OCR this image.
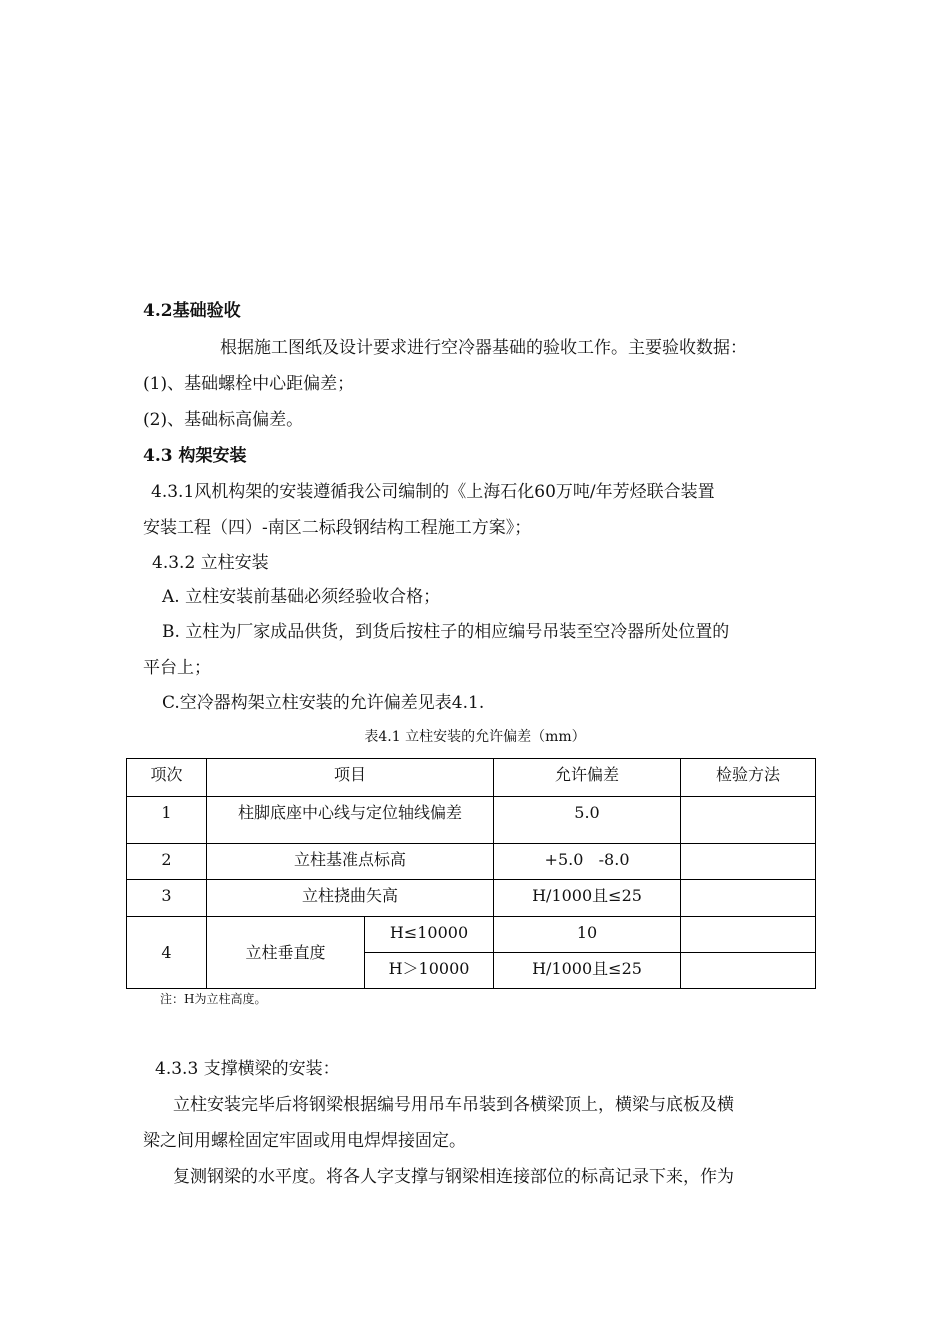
4.2基础验收
根据施工图纸及设计要求进行空冷器基础的验收工作。主要验收数据：
(1)、基础螺栓中心距偏差；
(2)、基础标高偏差。
4.3 构架安装
4.3.1风机构架的安装遵循我公司编制的《上海石化60万吨/年芳烃联合装置
安装工程（四）-南区二标段钢结构工程施工方案》；
4.3.2 立柱安装
A. 立柱安装前基础必须经验收合格；
B. 立柱为厂家成品供货，到货后按柱子的相应编号吊装至空冷器所处位置的
平台上；
C.空冷器构架立柱安装的允许偏差见表4.1.
表4.1 立柱安装的允许偏差（mm）
项次	项目		允许偏差	检验方法
1	柱脚底座中心线与定位轴线偏差		5.0	
2	立柱基准点标高		+5.0   -8.0	
3	立柱挠曲矢高		H/1000且≤25	
4	立柱垂直度	H≤10000	10	
		H＞10000	H/1000且≤25	
注：H为立柱高度。
4.3.3 支撑横梁的安装：
立柱安装完毕后将钢梁根据编号用吊车吊装到各横梁顶上，横梁与底板及横
梁之间用螺栓固定牢固或用电焊焊接固定。
复测钢梁的水平度。将各人字支撑与钢梁相连接部位的标高记录下来，作为
